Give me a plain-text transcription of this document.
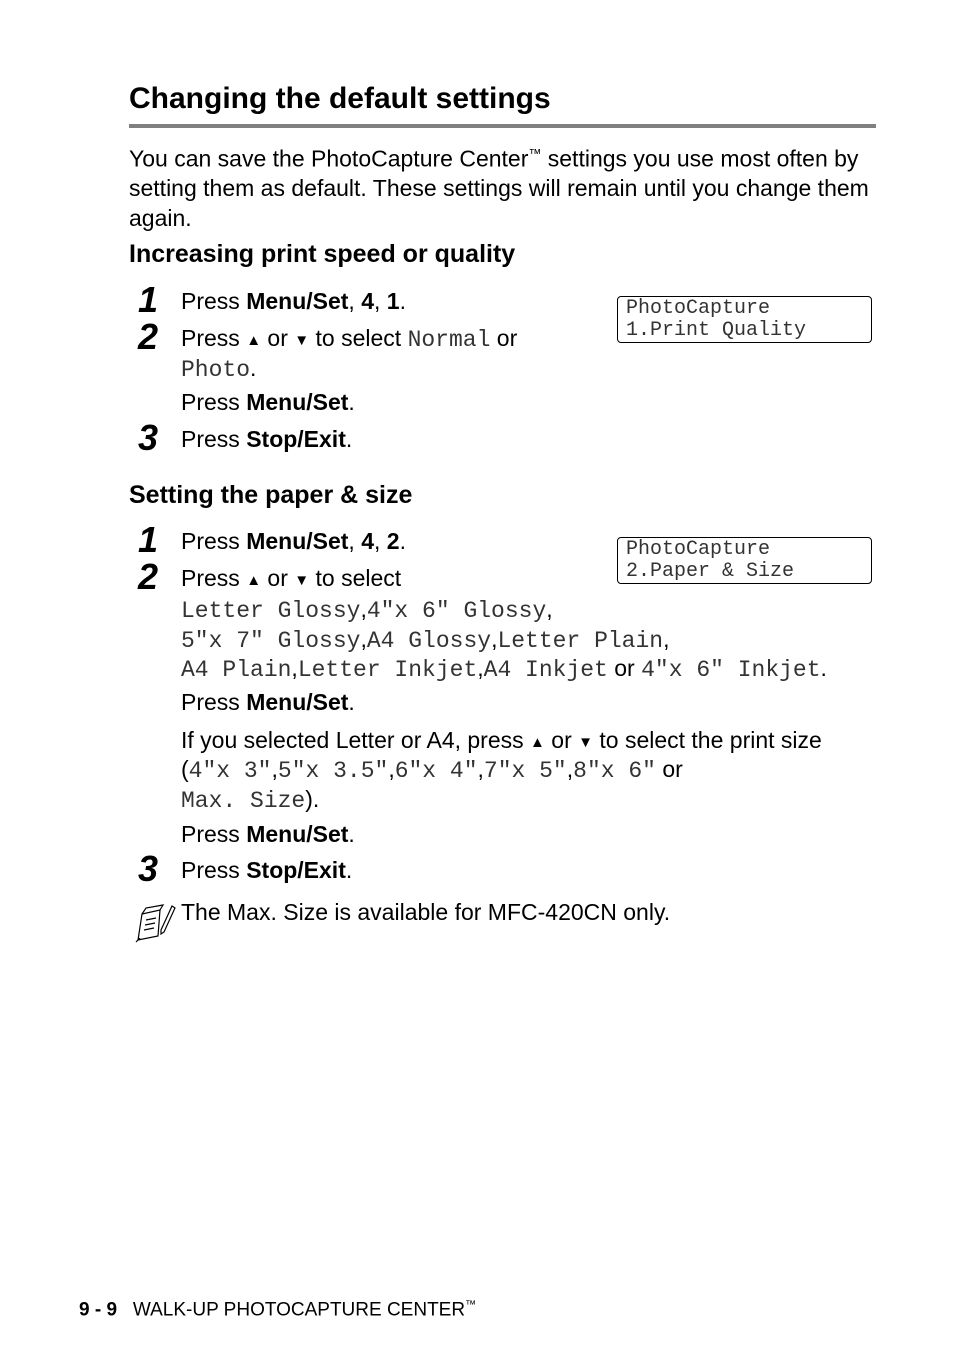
Changing the default settings
You can save the PhotoCapture Center™ settings you use most often by setting them as default. These settings will remain until you change them again.
Increasing print speed or quality
PhotoCapture
1.Print Quality
1 Press Menu/Set, 4, 1.
2 Press ▲ or ▼ to select Normal or
Photo.
Press Menu/Set.
3 Press Stop/Exit.
Setting the paper & size
PhotoCapture
2.Paper & Size
1 Press Menu/Set, 4, 2.
2 Press ▲ or ▼ to select
Letter Glossy,4"x 6" Glossy,
5"x 7" Glossy,A4 Glossy,Letter Plain,
A4 Plain,Letter Inkjet,A4 Inkjet or 4"x 6" Inkjet.
Press Menu/Set.
If you selected Letter or A4, press ▲ or ▼ to select the print size
(4"x 3",5"x 3.5",6"x 4",7"x 5",8"x 6" or
Max. Size).
Press Menu/Set.
3 Press Stop/Exit.
The Max. Size is available for MFC-420CN only.
9 - 9 WALK-UP PHOTOCAPTURE CENTER™
